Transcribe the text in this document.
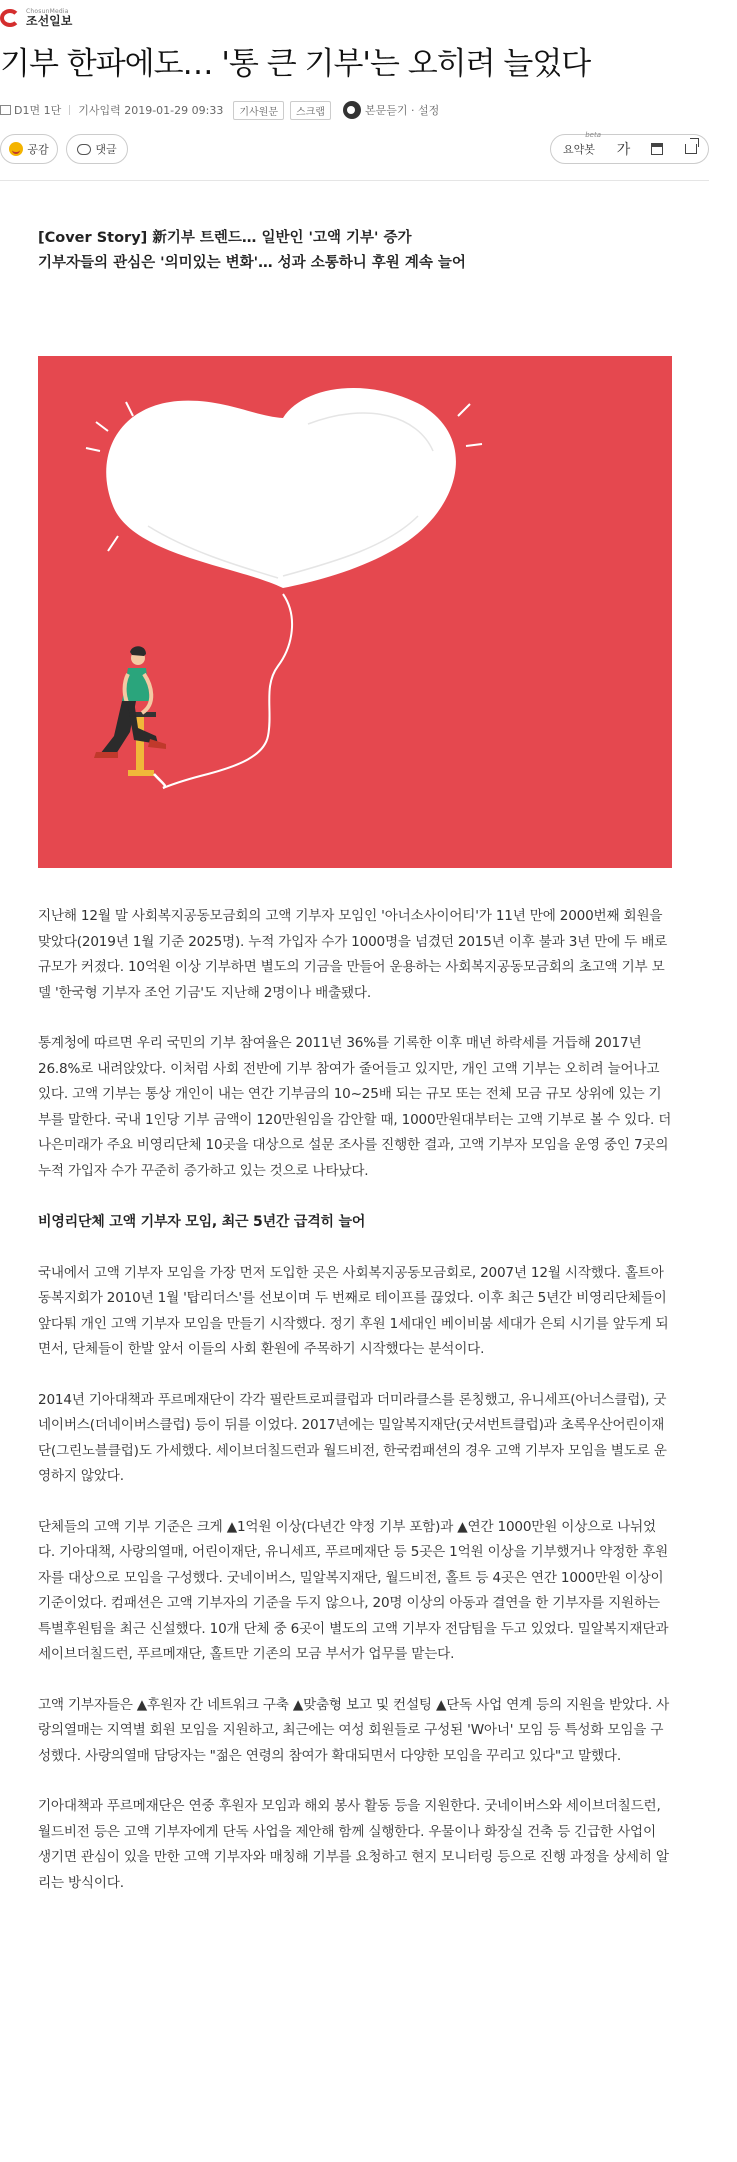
ChosunMedia
조선일보
기부 한파에도… '통 큰 기부'는 오히려 늘었다
D1면 1단 기사입력 2019-01-29 09:33	기사원문	스크랩	본문듣기 · 설정
공감	댓글
beta
요약봇 가
[Cover Story] 新기부 트렌드… 일반인 '고액 기부' 증가
기부자들의 관심은 '의미있는 변화'… 성과 소통하니 후원 계속 늘어

지난해 12월 말 사회복지공동모금회의 고액 기부자 모임인 '아너소사이어티'가 11년 만에 2000번째 회원을 맞았다(2019년 1월 기준 2025명). 누적 가입자 수가 1000명을 넘겼던 2015년 이후 불과 3년 만에 두 배로 규모가 커졌다. 10억원 이상 기부하면 별도의 기금을 만들어 운용하는 사회복지공동모금회의 초고액 기부 모델 '한국형 기부자 조언 기금'도 지난해 2명이나 배출됐다.

통계청에 따르면 우리 국민의 기부 참여율은 2011년 36%를 기록한 이후 매년 하락세를 거듭해 2017년 26.8%로 내려앉았다. 이처럼 사회 전반에 기부 참여가 줄어들고 있지만, 개인 고액 기부는 오히려 늘어나고 있다. 고액 기부는 통상 개인이 내는 연간 기부금의 10~25배 되는 규모 또는 전체 모금 규모 상위에 있는 기부를 말한다. 국내 1인당 기부 금액이 120만원임을 감안할 때, 1000만원대부터는 고액 기부로 볼 수 있다. 더나은미래가 주요 비영리단체 10곳을 대상으로 설문 조사를 진행한 결과, 고액 기부자 모임을 운영 중인 7곳의 누적 가입자 수가 꾸준히 증가하고 있는 것으로 나타났다.

비영리단체 고액 기부자 모임, 최근 5년간 급격히 늘어

국내에서 고액 기부자 모임을 가장 먼저 도입한 곳은 사회복지공동모금회로, 2007년 12월 시작했다. 홀트아동복지회가 2010년 1월 '탑리더스'를 선보이며 두 번째로 테이프를 끊었다. 이후 최근 5년간 비영리단체들이 앞다퉈 개인 고액 기부자 모임을 만들기 시작했다. 정기 후원 1세대인 베이비붐 세대가 은퇴 시기를 앞두게 되면서, 단체들이 한발 앞서 이들의 사회 환원에 주목하기 시작했다는 분석이다.

2014년 기아대책과 푸르메재단이 각각 필란트로피클럽과 더미라클스를 론칭했고, 유니세프(아너스클럽), 굿네이버스(더네이버스클럽) 등이 뒤를 이었다. 2017년에는 밀알복지재단(굿셔번트클럽)과 초록우산어린이재단(그린노블클럽)도 가세했다. 세이브더칠드런과 월드비전, 한국컴패션의 경우 고액 기부자 모임을 별도로 운영하지 않았다.

단체들의 고액 기부 기준은 크게 ▲1억원 이상(다년간 약정 기부 포함)과 ▲연간 1000만원 이상으로 나뉘었다. 기아대책, 사랑의열매, 어린이재단, 유니세프, 푸르메재단 등 5곳은 1억원 이상을 기부했거나 약정한 후원자를 대상으로 모임을 구성했다. 굿네이버스, 밀알복지재단, 월드비전, 홀트 등 4곳은 연간 1000만원 이상이 기준이었다. 컴패션은 고액 기부자의 기준을 두지 않으나, 20명 이상의 아동과 결연을 한 기부자를 지원하는 특별후원팀을 최근 신설했다. 10개 단체 중 6곳이 별도의 고액 기부자 전담팀을 두고 있었다. 밀알복지재단과 세이브더칠드런, 푸르메재단, 홀트만 기존의 모금 부서가 업무를 맡는다.

고액 기부자들은 ▲후원자 간 네트워크 구축 ▲맞춤형 보고 및 컨설팅 ▲단독 사업 연계 등의 지원을 받았다. 사랑의열매는 지역별 회원 모임을 지원하고, 최근에는 여성 회원들로 구성된 'W아너' 모임 등 특성화 모임을 구성했다. 사랑의열매 담당자는 "젊은 연령의 참여가 확대되면서 다양한 모임을 꾸리고 있다"고 말했다.

기아대책과 푸르메재단은 연중 후원자 모임과 해외 봉사 활동 등을 지원한다. 굿네이버스와 세이브더칠드런, 월드비전 등은 고액 기부자에게 단독 사업을 제안해 함께 실행한다. 우물이나 화장실 건축 등 긴급한 사업이 생기면 관심이 있을 만한 고액 기부자와 매칭해 기부를 요청하고 현지 모니터링 등으로 진행 과정을 상세히 알리는 방식이다.
